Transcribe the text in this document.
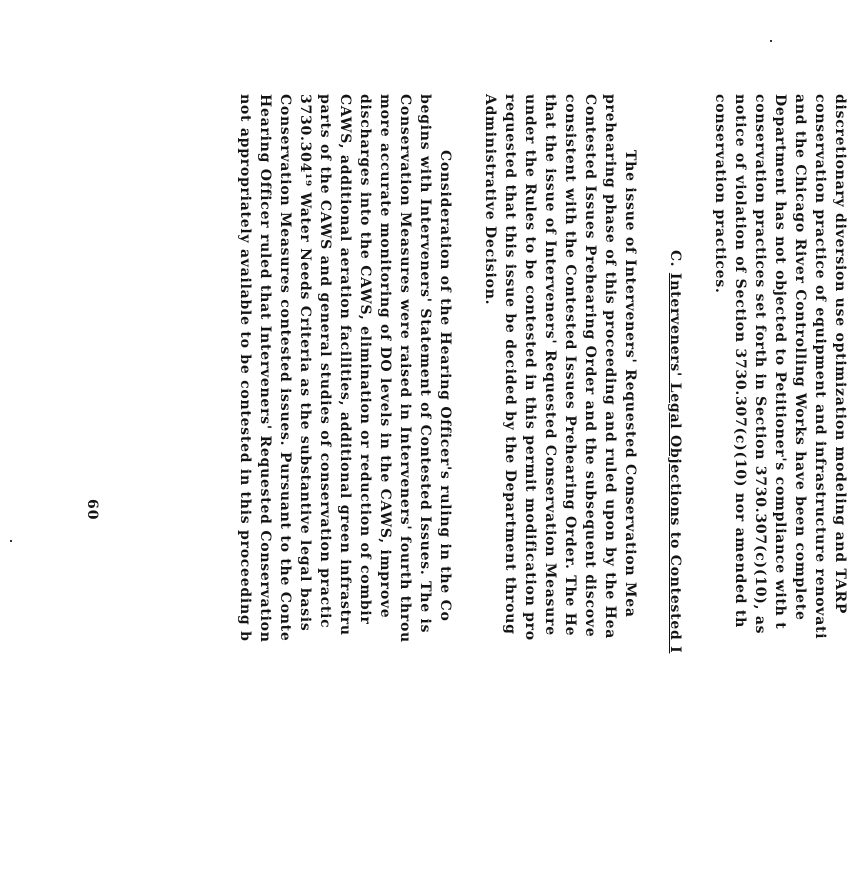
discretionary diversion use optimization modeling and TARP
conservation practice of equipment and infrastructure renovati
and the Chicago River Controlling Works have been complete
Department has not objected to Petitioner's compliance with t
conservation practices set forth in Section 3730.307(c)(10), as
notice of violation of Section 3730.307(c)(10) nor amended th
conservation practices.
C. Interveners' Legal Objections to Contested I
The issue of Interveners' Requested Conservation Mea
prehearing phase of this proceeding and ruled upon by the Hea
Contested Issues Prehearing Order and the subsequent discove
consistent with the Contested Issues Prehearing Order. The He
that the issue of Interveners' Requested Conservation Measure
under the Rules to be contested in this permit modification pro
requested that this issue be decided by the Department throug
Administrative Decision.
Consideration of the Hearing Officer's ruling in the Co
begins with Interveners' Statement of Contested Issues. The is
Conservation Measures were raised in Interveners' fourth throu
more accurate monitoring of DO levels in the CAWS, improve
discharges into the CAWS, elimination or reduction of combir
CAWS, additional aeration facilities, additional green infrastru
parts of the CAWS and general studies of conservation practic
3730.304¹⁹ Water Needs Criteria as the substantive legal basis
Conservation Measures contested issues. Pursuant to the Conte
Hearing Officer ruled that Interveners' Requested Conservation
not appropriately available to be contested in this proceeding b
60
